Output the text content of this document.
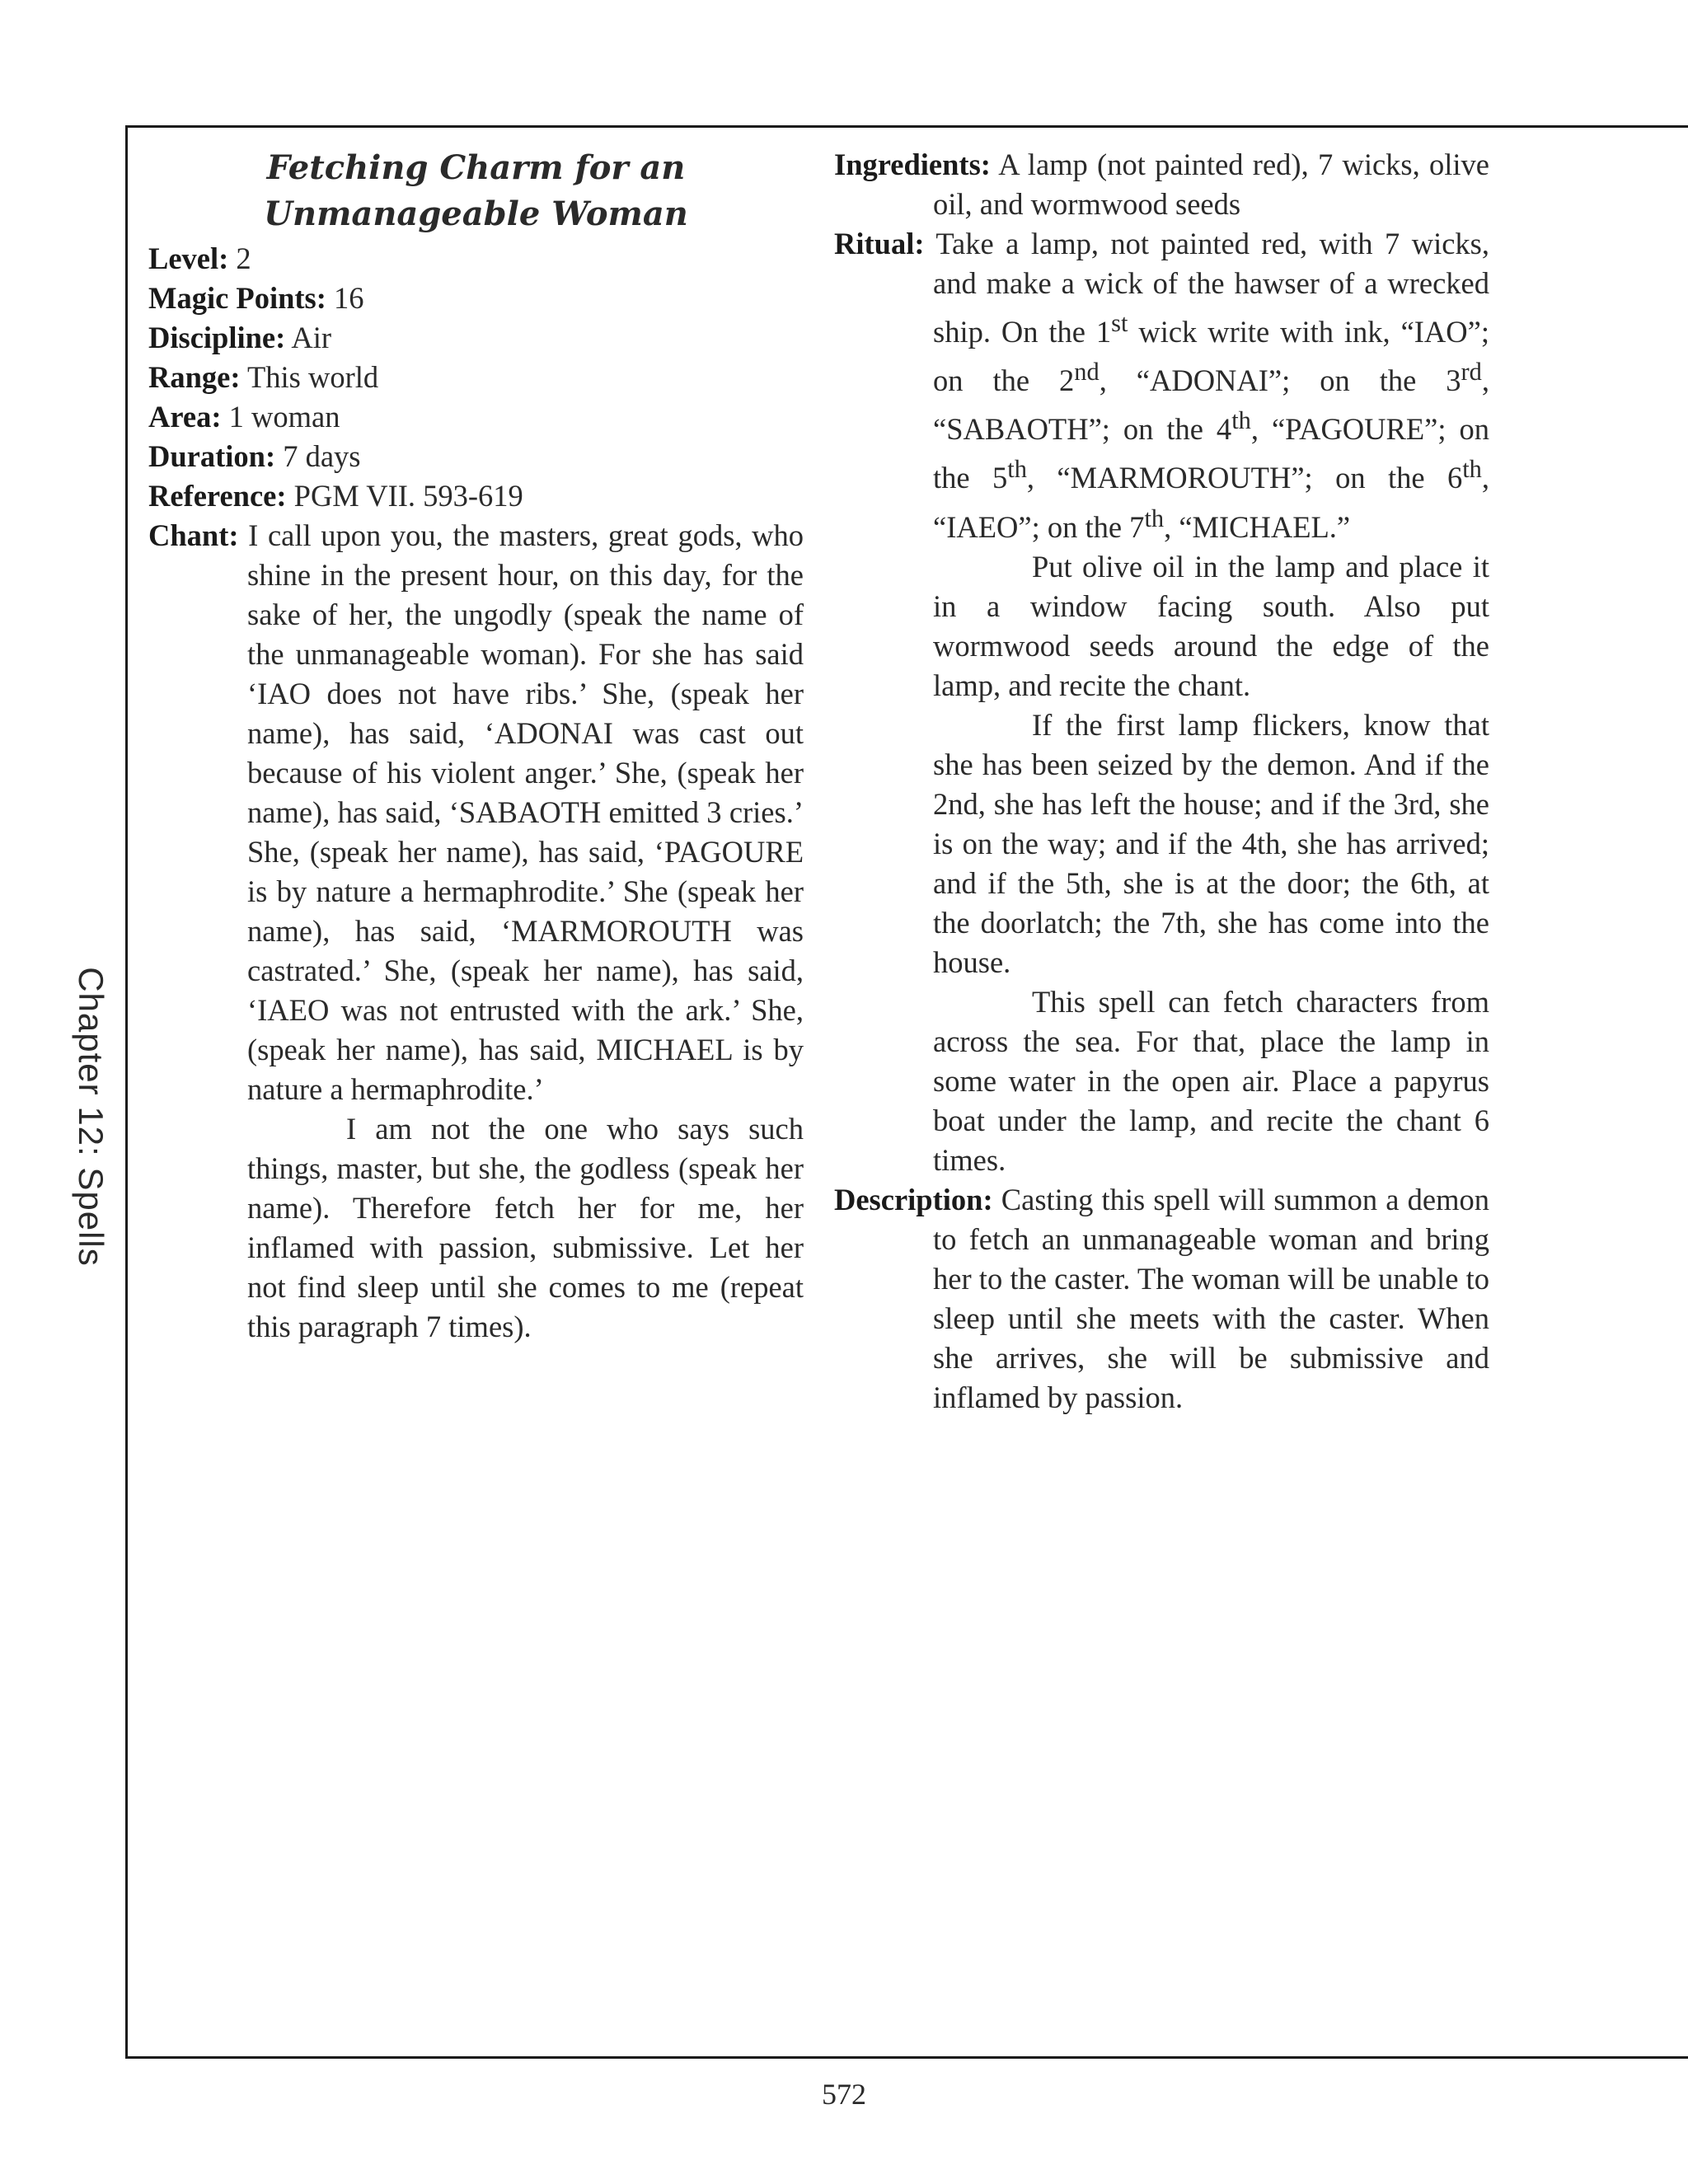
Chapter 12: Spells
Fetching Charm for an Unmanageable Woman

Level: 2

Magic Points: 16

Discipline: Air

Range: This world

Area: 1 woman

Duration: 7 days

Reference: PGM VII. 593-619

Chant: I call upon you, the masters, great gods, who shine in the present hour, on this day, for the sake of her, the ungodly (speak the name of the unmanageable woman). For she has said ‘IAO does not have ribs.’ She, (speak her name), has said, ‘ADONAI was cast out because of his violent anger.’ She, (speak her name), has said, ‘SABAOTH emitted 3 cries.’ She, (speak her name), has said, ‘PAGOURE is by nature a hermaphrodite.’ She (speak her name), has said, ‘MARMOROUTH was castrated.’ She, (speak her name), has said, ‘IAEO was not entrusted with the ark.’ She, (speak her name), has said, MICHAEL is by nature a hermaphrodite.’

I am not the one who says such things, master, but she, the godless (speak her name). Therefore fetch her for me, her inflamed with passion, submissive. Let her not find sleep until she comes to me (repeat this paragraph 7 times).

Ingredients: A lamp (not painted red), 7 wicks, olive oil, and wormwood seeds

Ritual: Take a lamp, not painted red, with 7 wicks, and make a wick of the hawser of a wrecked ship. On the 1st wick write with ink, “IAO”; on the 2nd, “ADONAI”; on the 3rd, “SABAOTH”; on the 4th, “PAGOURE”; on the 5th, “MARMOROUTH”; on the 6th, “IAEO”; on the 7th, “MICHAEL.”

Put olive oil in the lamp and place it in a window facing south. Also put wormwood seeds around the edge of the lamp, and recite the chant.

If the first lamp flickers, know that she has been seized by the demon. And if the 2nd, she has left the house; and if the 3rd, she is on the way; and if the 4th, she has arrived; and if the 5th, she is at the door; the 6th, at the doorlatch; the 7th, she has come into the house.

This spell can fetch characters from across the sea. For that, place the lamp in some water in the open air. Place a papyrus boat under the lamp, and recite the chant 6 times.

Description: Casting this spell will summon a demon to fetch an unmanageable woman and bring her to the caster. The woman will be unable to sleep until she meets with the caster. When she arrives, she will be submissive and inflamed by passion.

572
